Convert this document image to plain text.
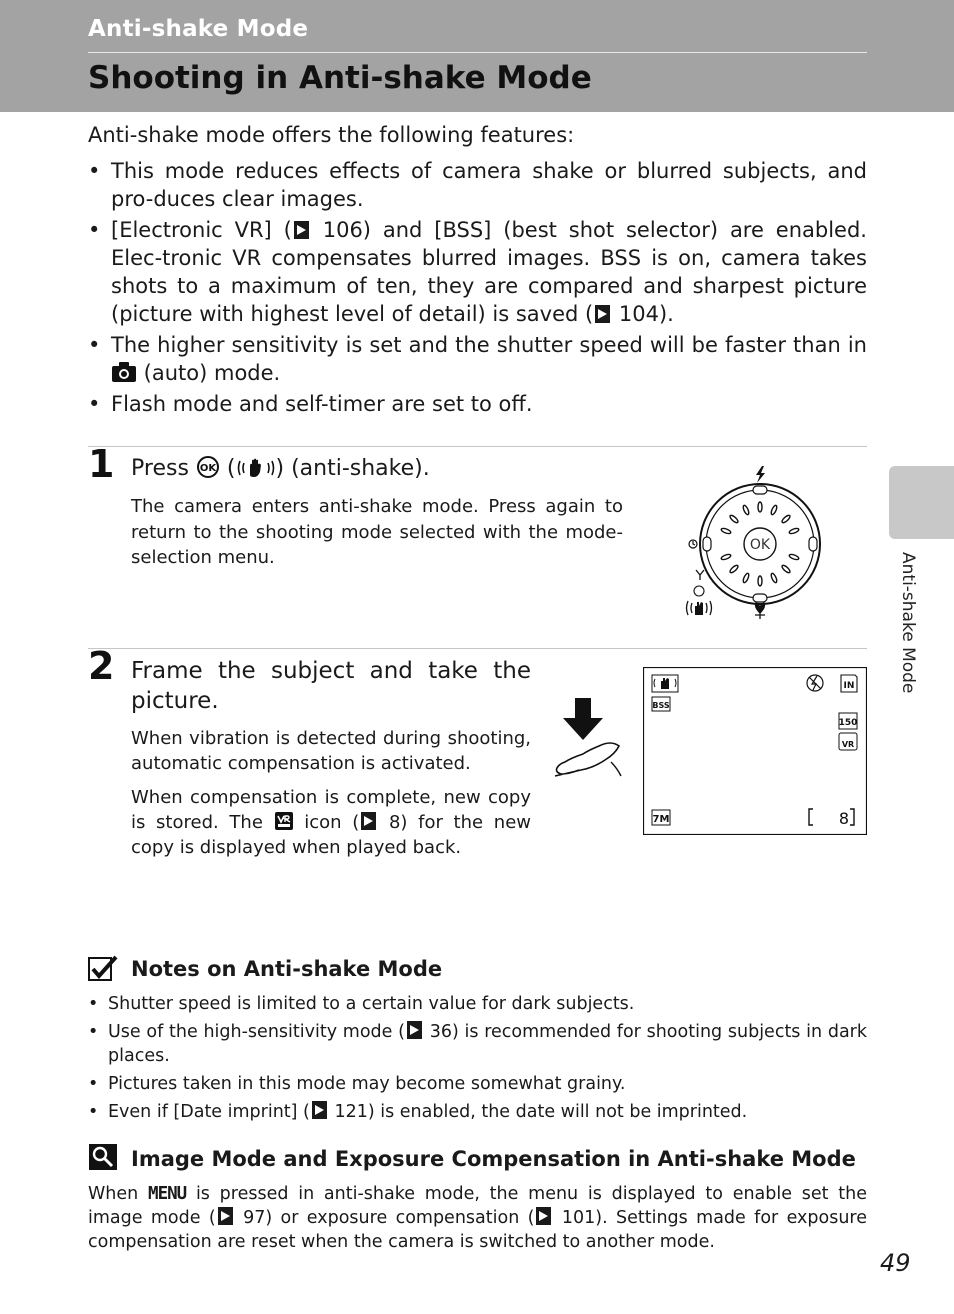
Anti-shake Mode
Shooting in Anti-shake Mode
Anti-shake Mode
Anti-shake mode offers the following features:
• This mode reduces effects of camera shake or blurred subjects, and pro-duces clear images.
• [Electronic VR] ( 106) and [BSS] (best shot selector) are enabled. Elec-tronic VR compensates blurred images. BSS is on, camera takes shots to a maximum of ten, they are compared and sharpest picture (picture with highest level of detail) is saved ( 104).
• The higher sensitivity is set and the shutter speed will be faster than in  (auto) mode.
• Flash mode and self-timer are set to off.
1 Press OK ( ) (anti-shake).
The camera enters anti-shake mode. Press again to return to the shooting mode selected with the mode-selection menu.
OK
2 Frame the subject and take the picture.

When vibration is detected during shooting, automatic compensation is activated.

When compensation is complete, new copy is stored. The  icon ( 8) for the new copy is displayed when played back.

BSS
IN
150
VR
7M	8
Notes on Anti-shake Mode
• Shutter speed is limited to a certain value for dark subjects.
• Use of the high-sensitivity mode ( 36) is recommended for shooting subjects in dark places.
• Pictures taken in this mode may become somewhat grainy.
• Even if [Date imprint] ( 121) is enabled, the date will not be imprinted.
Image Mode and Exposure Compensation in Anti-shake Mode
When MENU is pressed in anti-shake mode, the menu is displayed to enable set the image mode ( 97) or exposure compensation ( 101). Settings made for exposure compensation are reset when the camera is switched to another mode.
49
